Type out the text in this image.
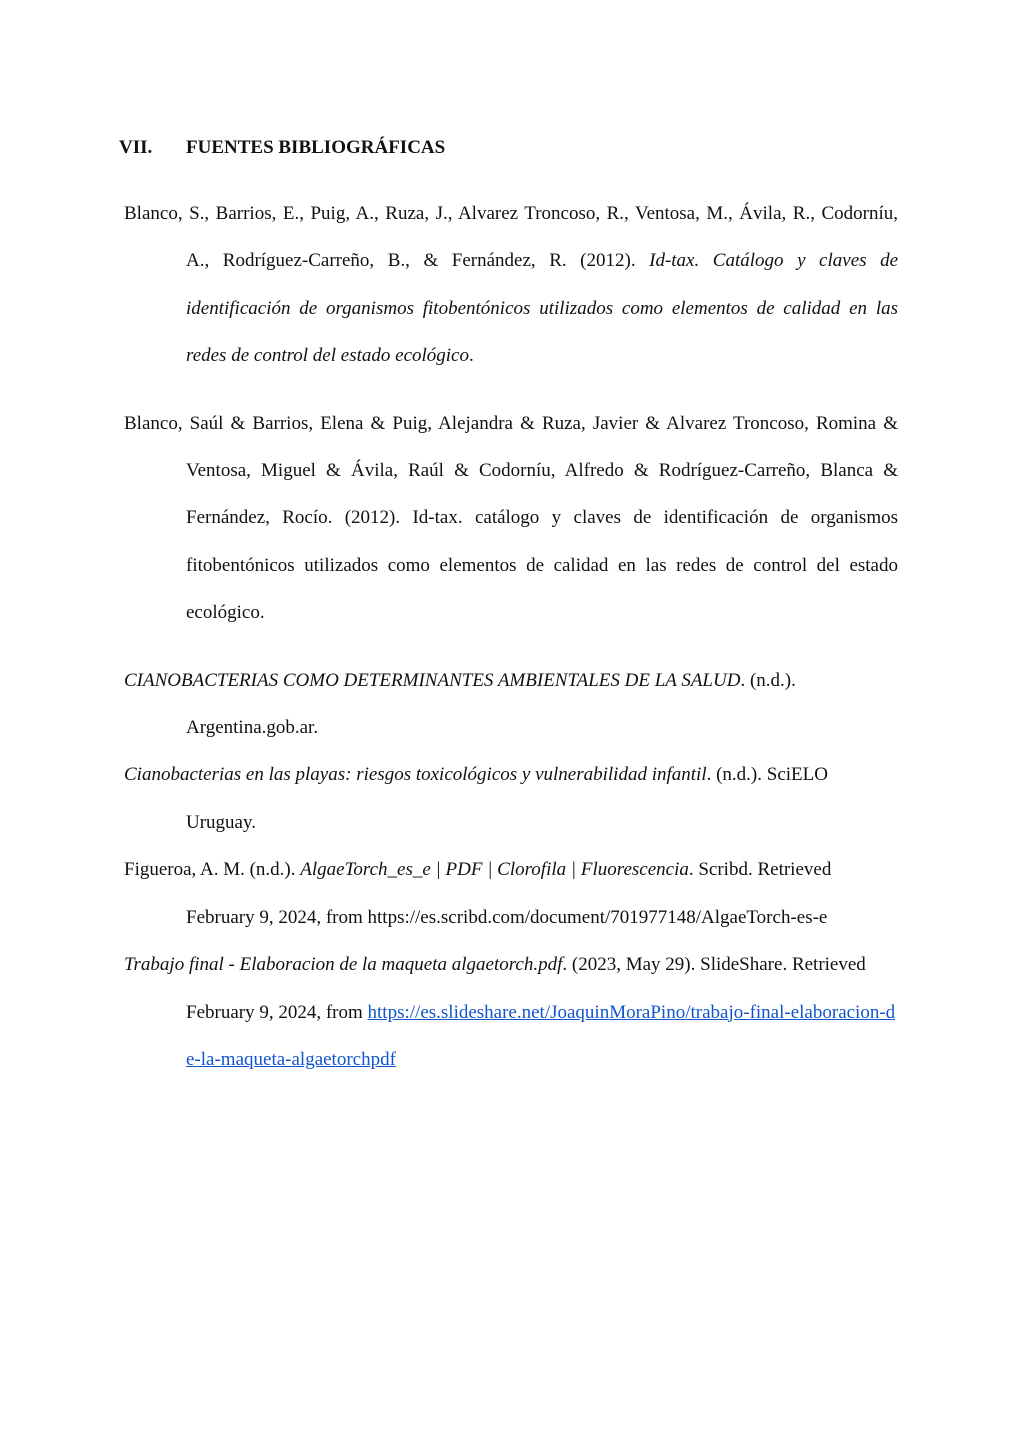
VII. FUENTES BIBLIOGRÁFICAS

Blanco, S., Barrios, E., Puig, A., Ruza, J., Alvarez Troncoso, R., Ventosa, M., Ávila, R., Codorníu, A., Rodríguez-Carreño, B., & Fernández, R. (2012). Id-tax. Catálogo y claves de identificación de organismos fitobentónicos utilizados como elementos de calidad en las redes de control del estado ecológico.

Blanco, Saúl & Barrios, Elena & Puig, Alejandra & Ruza, Javier & Alvarez Troncoso, Romina & Ventosa, Miguel & Ávila, Raúl & Codorníu, Alfredo & Rodríguez-Carreño, Blanca & Fernández, Rocío. (2012). Id-tax. catálogo y claves de identificación de organismos fitobentónicos utilizados como elementos de calidad en las redes de control del estado ecológico.

CIANOBACTERIAS COMO DETERMINANTES AMBIENTALES DE LA SALUD. (n.d.). Argentina.gob.ar.

Cianobacterias en las playas: riesgos toxicológicos y vulnerabilidad infantil. (n.d.). SciELO Uruguay.

Figueroa, A. M. (n.d.). AlgaeTorch_es_e | PDF | Clorofila | Fluorescencia. Scribd. Retrieved February 9, 2024, from https://es.scribd.com/document/701977148/AlgaeTorch-es-e

Trabajo final - Elaboracion de la maqueta algaetorch.pdf. (2023, May 29). SlideShare. Retrieved February 9, 2024, from https://es.slideshare.net/JoaquinMoraPino/trabajo-final-elaboracion-de-la-maqueta-algaetorchpdf
